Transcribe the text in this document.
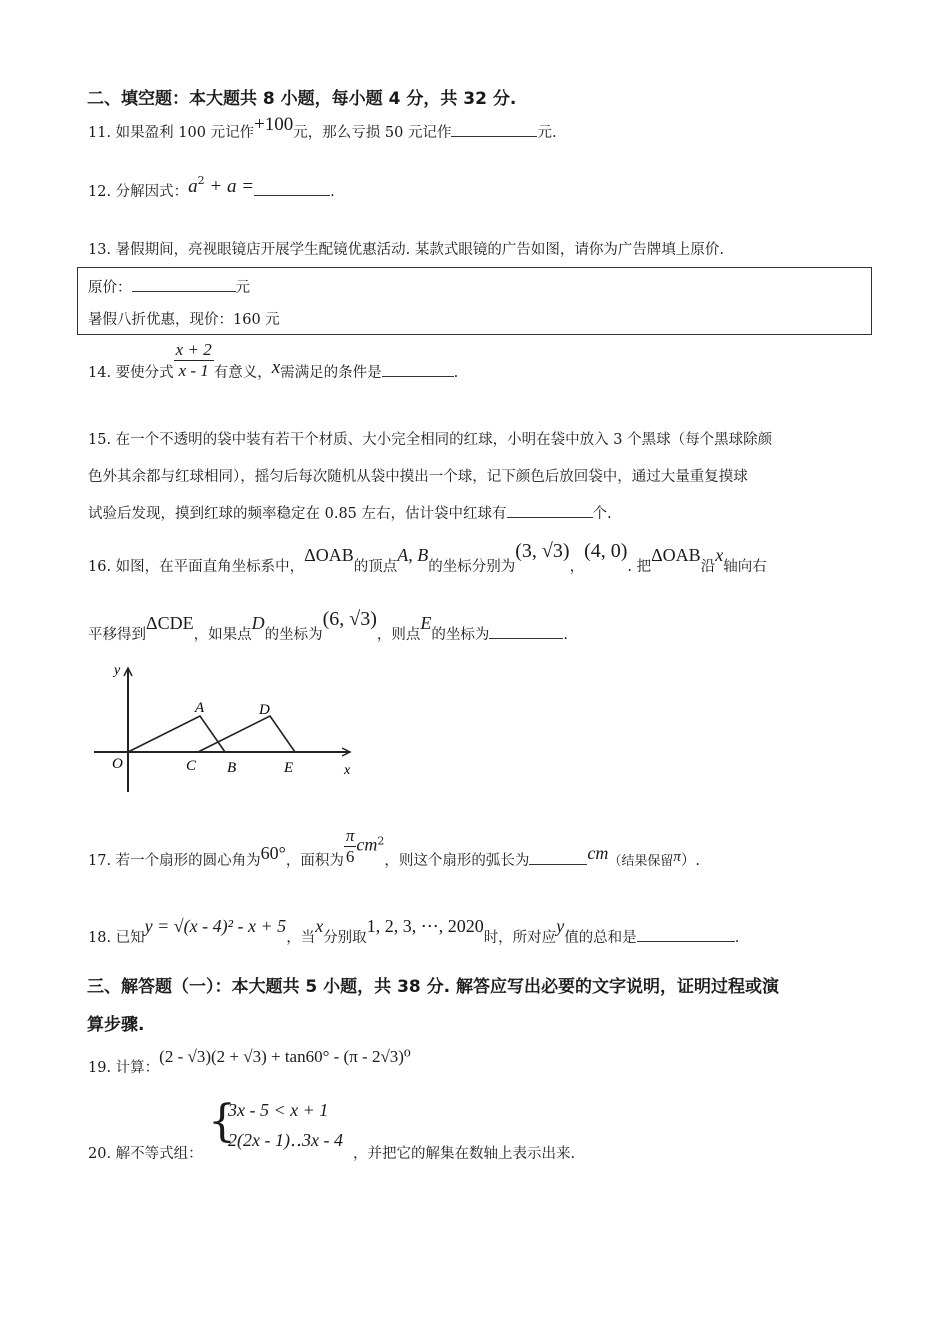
二、填空题：本大题共 8 小题，每小题 4 分，共 32 分.
11. 如果盈利 100 元记作+100元，那么亏损 50 元记作	元.
12. 分解因式：$a^2 + a$ =	.
13. 暑假期间，亮视眼镜店开展学生配镜优惠活动. 某款式眼镜的广告如图，请你为广告牌填上原价.
原价：	元
暑假八折优惠，现价：160 元
14. 要使分式 $\frac{x + 2}{x - 1}$ 有意义，x需满足的条件是	.
15. 在一个不透明的袋中装有若干个材质、大小完全相同的红球，小明在袋中放入 3 个黑球（每个黑球除颜
色外其余都与红球相同），摇匀后每次随机从袋中摸出一个球，记下颜色后放回袋中，通过大量重复摸球
试验后发现，摸到红球的频率稳定在 0.85 左右，估计袋中红球有	个.
16. 如图，在平面直角坐标系中，ΔOAB的顶点A, B的坐标分别为(3, √3)，(4, 0). 把ΔOAB沿x轴向右
平移得到ΔCDE，如果点D的坐标为(6, √3)，则点E的坐标为	.
y
x
O
A
B
C
D
E
17. 若一个扇形的圆心角为60°，面积为 $\frac{\pi}{6} cm^2$，则这个扇形的弧长为	cm（结果保留π）.
18. 已知y = √(x - 4)² - x + 5，当x分别取1, 2, 3, ⋯, 2020时，所对应y值的总和是	.
三、解答题（一）：本大题共 5 小题，共 38 分. 解答应写出必要的文字说明，证明过程或演
算步骤.
19. 计算：(2 - √3)(2 + √3) + tan60° - (π - 2√3)⁰
20. 解不等式组：
{
3x - 5 < x + 1
2(2x - 1)‥3x - 4
，并把它的解集在数轴上表示出来.
